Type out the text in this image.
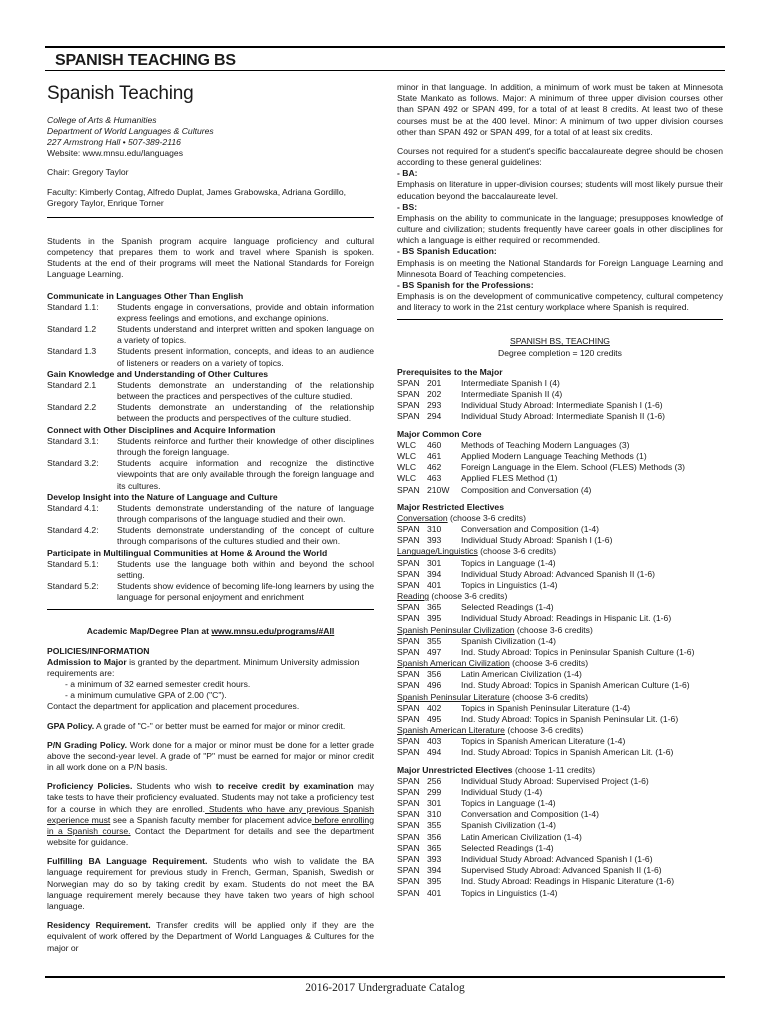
SPANISH TEACHING BS
Spanish Teaching
College of Arts & Humanities
Department of World Languages & Cultures
227 Armstrong Hall • 507-389-2116
Website: www.mnsu.edu/languages
Chair: Gregory Taylor
Faculty: Kimberly Contag, Alfredo Duplat, James Grabowska, Adriana Gordillo, Gregory Taylor, Enrique Torner
Students in the Spanish program acquire language proficiency and cultural competency that prepares them to work and travel where Spanish is spoken. Students at the end of their programs will meet the National Standards for Foreign Language Learning.
Communicate in Languages Other Than English
Standard 1.1:	Students engage in conversations, provide and obtain information express feelings and emotions, and exchange opinions.
Standard 1.2	Students understand and interpret written and spoken language on a variety of topics.
Standard 1.3	Students present information, concepts, and ideas to an audience of listeners or readers on a variety of topics.
Gain Knowledge and Understanding of Other Cultures
Standard 2.1	Students demonstrate an understanding of the relationship between the practices and perspectives of the culture studied.
Standard 2.2	Students demonstrate an understanding of the relationship between the products and perspectives of the culture studied.
Connect with Other Disciplines and Acquire Information
Standard 3.1:	Students reinforce and further their knowledge of other disciplines through the foreign language.
Standard 3.2:	Students acquire information and recognize the distinctive viewpoints that are only available through the foreign language and its cultures.
Develop Insight into the Nature of Language and Culture
Standard 4.1:	Students demonstrate understanding of the nature of language through comparisons of the language studied and their own.
Standard 4.2:	Students demonstrate understanding of the concept of culture through comparisons of the cultures studied and their own.
Participate in Multilingual Communities at Home & Around the World
Standard 5.1:	Students use the language both within and beyond the school setting.
Standard 5.2:	Students show evidence of becoming life-long learners by using the language for personal enjoyment and enrichment
Academic Map/Degree Plan at www.mnsu.edu/programs/#All
POLICIES/INFORMATION
Admission to Major is granted by the department. Minimum University admission requirements are:
- a minimum of 32 earned semester credit hours.
- a minimum cumulative GPA of 2.00 ("C").
Contact the department for application and placement procedures.
GPA Policy. A grade of "C-" or better must be earned for major or minor credit.
P/N Grading Policy. Work done for a major or minor must be done for a letter grade above the second-year level. A grade of "P" must be earned for major or minor credit in all work done on a P/N basis.
Proficiency Policies. Students who wish to receive credit by examination may take tests to have their proficiency evaluated. Students may not take a proficiency test for a course in which they are enrolled. Students who have any previous Spanish experience must see a Spanish faculty member for placement advice before enrolling in a Spanish course. Contact the Department for details and see the department website for guidance.
Fulfilling BA Language Requirement. Students who wish to validate the BA language requirement for previous study in French, German, Spanish, Swedish or Norwegian may do so by taking credit by exam. Students do not meet the BA language requirement merely because they have taken two years of high school language.
Residency Requirement. Transfer credits will be applied only if they are the equivalent of work offered by the Department of World Languages & Cultures for the major or
minor in that language. In addition, a minimum of work must be taken at Minnesota State Mankato as follows. Major: A minimum of three upper division courses other than SPAN 492 or SPAN 499, for a total of at least 8 credits. At least two of these courses must be at the 400 level. Minor: A minimum of two upper division courses other than SPAN 492 or SPAN 499, for a total of at least six credits.
Courses not required for a student's specific baccalaureate degree should be chosen according to these general guidelines:
- BA:
Emphasis on literature in upper-division courses; students will most likely pursue their education beyond the baccalaureate level.
- BS:
Emphasis on the ability to communicate in the language; presupposes knowledge of culture and civilization; students frequently have career goals in other disciplines for which a language is either required or recommended.
- BS Spanish Education:
Emphasis is on meeting the National Standards for Foreign Language Learning and Minnesota Board of Teaching competencies.
- BS Spanish for the Professions:
Emphasis is on the development of communicative competency, cultural competency and literacy to work in the 21st century workplace where Spanish is required.
SPANISH BS, TEACHING
Degree completion = 120 credits
Prerequisites to the Major
SPAN 201	Intermediate Spanish I (4)
SPAN 202	Intermediate Spanish II (4)
SPAN 293	Individual Study Abroad: Intermediate Spanish I (1-6)
SPAN 294	Individual Study Abroad: Intermediate Spanish II (1-6)
Major Common Core
WLC	460	Methods of Teaching Modern Languages (3)
WLC	461	Applied Modern Language Teaching Methods (1)
WLC	462	Foreign Language in the Elem. School (FLES) Methods (3)
WLC	463	Applied FLES Method (1)
SPAN 210W	Composition and Conversation (4)
Major Restricted Electives
Conversation (choose 3-6 credits)
SPAN 310	Conversation and Composition (1-4)
SPAN 393	Individual Study Abroad: Spanish I (1-6)
Language/Linguistics (choose 3-6 credits)
SPAN 301	Topics in Language (1-4)
SPAN 394	Individual Study Abroad: Advanced Spanish II (1-6)
SPAN 401	Topics in Linguistics (1-4)
Reading (choose 3-6 credits)
SPAN 365	Selected Readings (1-4)
SPAN 395	Individual Study Abroad: Readings in Hispanic Lit. (1-6)
Spanish Peninsular Civilization (choose 3-6 credits)
SPAN 355	Spanish Civilization (1-4)
SPAN 497	Ind. Study Abroad: Topics in Peninsular Spanish Culture (1-6)
Spanish American Civilization (choose 3-6 credits)
SPAN 356	Latin American Civilization (1-4)
SPAN 496	Ind. Study Abroad: Topics in Spanish American Culture (1-6)
Spanish Peninsular Literature (choose 3-6 credits)
SPAN 402	Topics in Spanish Peninsular Literature (1-4)
SPAN 495	Ind. Study Abroad: Topics in Spanish Peninsular Lit. (1-6)
Spanish American Literature (choose 3-6 credits)
SPAN 403	Topics in Spanish American Literature (1-4)
SPAN 494	Ind. Study Abroad: Topics in Spanish American Lit. (1-6)
Major Unrestricted Electives (choose 1-11 credits)
SPAN 256	Individual Study Abroad: Supervised Project (1-6)
SPAN 299	Individual Study (1-4)
SPAN 301	Topics in Language (1-4)
SPAN 310	Conversation and Composition (1-4)
SPAN 355	Spanish Civilization (1-4)
SPAN 356	Latin American Civilization (1-4)
SPAN 365	Selected Readings (1-4)
SPAN 393	Individual Study Abroad: Advanced Spanish I (1-6)
SPAN 394	Supervised Study Abroad: Advanced Spanish II (1-6)
SPAN 395	Ind. Study Abroad: Readings in Hispanic Literature (1-6)
SPAN 401	Topics in Linguistics (1-4)
2016-2017 Undergraduate Catalog
